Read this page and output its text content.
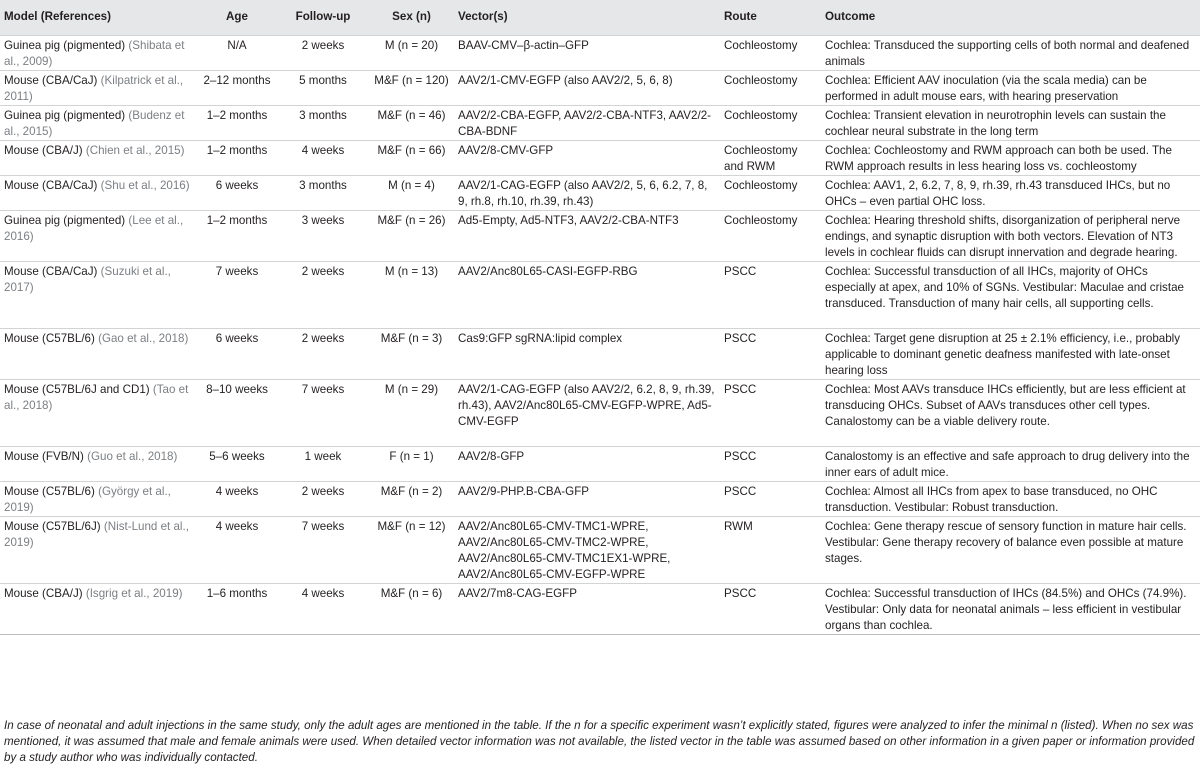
Model (References)	Age	Follow-up	Sex (n)	Vector(s)	Route	Outcome
Guinea pig (pigmented) (Shibata et al., 2009)	N/A	2 weeks	M (n = 20)	BAAV-CMV–β-actin–GFP	Cochleostomy	Cochlea: Transduced the supporting cells of both normal and deafened animals
Mouse (CBA/CaJ) (Kilpatrick et al., 2011)	2–12 months	5 months	M&F (n = 120)	AAV2/1-CMV-EGFP (also AAV2/2, 5, 6, 8)	Cochleostomy	Cochlea: Efficient AAV inoculation (via the scala media) can be performed in adult mouse ears, with hearing preservation
Guinea pig (pigmented) (Budenz et al., 2015)	1–2 months	3 months	M&F (n = 46)	AAV2/2-CBA-EGFP, AAV2/2-CBA-NTF3, AAV2/2-CBA-BDNF	Cochleostomy	Cochlea: Transient elevation in neurotrophin levels can sustain the cochlear neural substrate in the long term
Mouse (CBA/J) (Chien et al., 2015)	1–2 months	4 weeks	M&F (n = 66)	AAV2/8-CMV-GFP	Cochleostomy and RWM	Cochlea: Cochleostomy and RWM approach can both be used. The RWM approach results in less hearing loss vs. cochleostomy
Mouse (CBA/CaJ) (Shu et al., 2016)	6 weeks	3 months	M (n = 4)	AAV2/1-CAG-EGFP (also AAV2/2, 5, 6, 6.2, 7, 8, 9, rh.8, rh.10, rh.39, rh.43)	Cochleostomy	Cochlea: AAV1, 2, 6.2, 7, 8, 9, rh.39, rh.43 transduced IHCs, but no OHCs – even partial OHC loss.
Guinea pig (pigmented) (Lee et al., 2016)	1–2 months	3 weeks	M&F (n = 26)	Ad5-Empty, Ad5-NTF3, AAV2/2-CBA-NTF3	Cochleostomy	Cochlea: Hearing threshold shifts, disorganization of peripheral nerve endings, and synaptic disruption with both vectors. Elevation of NT3 levels in cochlear fluids can disrupt innervation and degrade hearing.
Mouse (CBA/CaJ) (Suzuki et al., 2017)	7 weeks	2 weeks	M (n = 13)	AAV2/Anc80L65-CASI-EGFP-RBG	PSCC	Cochlea: Successful transduction of all IHCs, majority of OHCs especially at apex, and 10% of SGNs. Vestibular: Maculae and cristae transduced. Transduction of many hair cells, all supporting cells.
Mouse (C57BL/6) (Gao et al., 2018)	6 weeks	2 weeks	M&F (n = 3)	Cas9:GFP sgRNA:lipid complex	PSCC	Cochlea: Target gene disruption at 25 ± 2.1% efficiency, i.e., probably applicable to dominant genetic deafness manifested with late-onset hearing loss
Mouse (C57BL/6J and CD1) (Tao et al., 2018)	8–10 weeks	7 weeks	M (n = 29)	AAV2/1-CAG-EGFP (also AAV2/2, 6.2, 8, 9, rh.39, rh.43), AAV2/Anc80L65-CMV-EGFP-WPRE, Ad5-CMV-EGFP	PSCC	Cochlea: Most AAVs transduce IHCs efficiently, but are less efficient at transducing OHCs. Subset of AAVs transduces other cell types. Canalostomy can be a viable delivery route.
Mouse (FVB/N) (Guo et al., 2018)	5–6 weeks	1 week	F (n = 1)	AAV2/8-GFP	PSCC	Canalostomy is an effective and safe approach to drug delivery into the inner ears of adult mice.
Mouse (C57BL/6) (György et al., 2019)	4 weeks	2 weeks	M&F (n = 2)	AAV2/9-PHP.B-CBA-GFP	PSCC	Cochlea: Almost all IHCs from apex to base transduced, no OHC transduction. Vestibular: Robust transduction.
Mouse (C57BL/6J) (Nist-Lund et al., 2019)	4 weeks	7 weeks	M&F (n = 12)	AAV2/Anc80L65-CMV-TMC1-WPRE, AAV2/Anc80L65-CMV-TMC2-WPRE, AAV2/Anc80L65-CMV-TMC1EX1-WPRE, AAV2/Anc80L65-CMV-EGFP-WPRE	RWM	Cochlea: Gene therapy rescue of sensory function in mature hair cells. Vestibular: Gene therapy recovery of balance even possible at mature stages.
Mouse (CBA/J) (Isgrig et al., 2019)	1–6 months	4 weeks	M&F (n = 6)	AAV2/7m8-CAG-EGFP	PSCC	Cochlea: Successful transduction of IHCs (84.5%) and OHCs (74.9%). Vestibular: Only data for neonatal animals – less efficient in vestibular organs than cochlea.

In case of neonatal and adult injections in the same study, only the adult ages are mentioned in the table. If the n for a specific experiment wasn’t explicitly stated, figures were analyzed to infer the minimal n (listed). When no sex was mentioned, it was assumed that male and female animals were used. When detailed vector information was not available, the listed vector in the table was assumed based on other information in a given paper or information provided by a study author who was individually contacted.
